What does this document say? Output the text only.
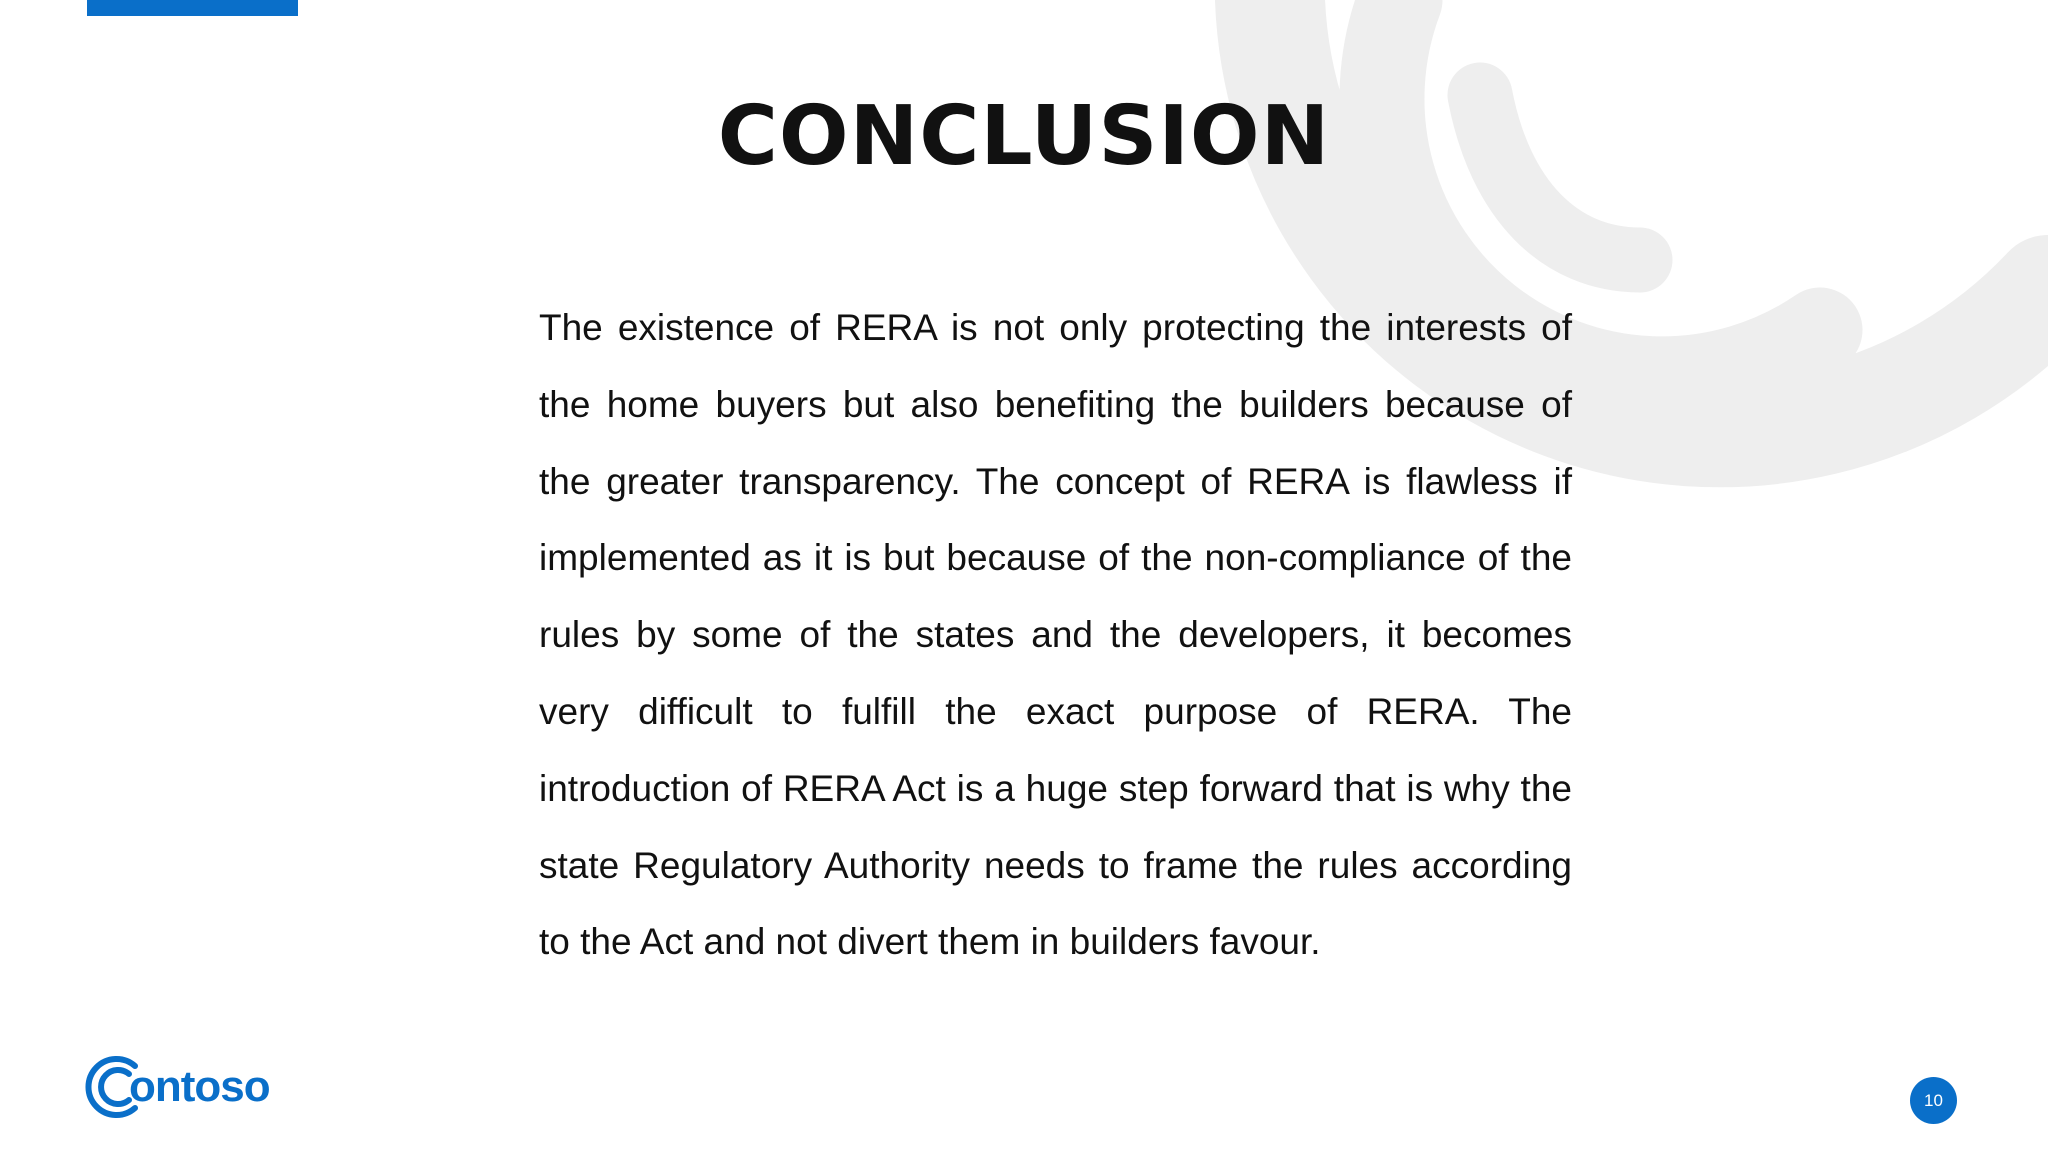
CONCLUSION

The existence of RERA is not only protecting the interests of the home buyers but also benefiting the builders because of the greater transparency. The concept of RERA is flawless if implemented as it is but because of the non-compliance of the rules by some of the states and the developers, it becomes very difficult to fulfill the exact purpose of RERA. The introduction of RERA Act is a huge step forward that is why the state Regulatory Authority needs to frame the rules according to the Act and not divert them in builders favour.

ontoso	10
